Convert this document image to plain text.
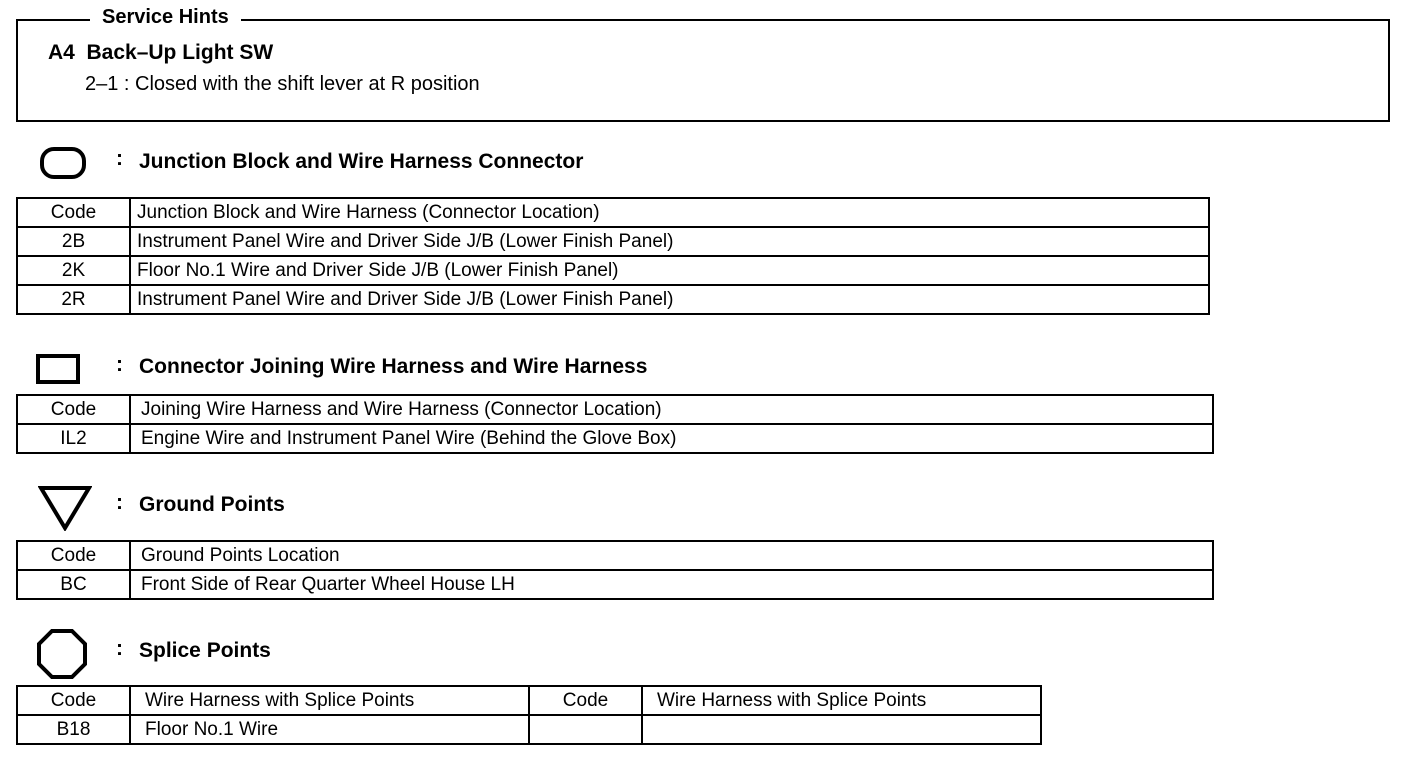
Service Hints
A4  Back–Up Light SW
2–1 : Closed with the shift lever at R position
: Junction Block and Wire Harness Connector
Code	Junction Block and Wire Harness (Connector Location)
2B	Instrument Panel Wire and Driver Side J/B (Lower Finish Panel)
2K	Floor No.1 Wire and Driver Side J/B (Lower Finish Panel)
2R	Instrument Panel Wire and Driver Side J/B (Lower Finish Panel)
: Connector Joining Wire Harness and Wire Harness
Code	Joining Wire Harness and Wire Harness (Connector Location)
IL2	Engine Wire and Instrument Panel Wire (Behind the Glove Box)
: Ground Points
Code	Ground Points Location
BC	Front Side of Rear Quarter Wheel House LH
: Splice Points
Code	Wire Harness with Splice Points	Code	Wire Harness with Splice Points
B18	Floor No.1 Wire		
